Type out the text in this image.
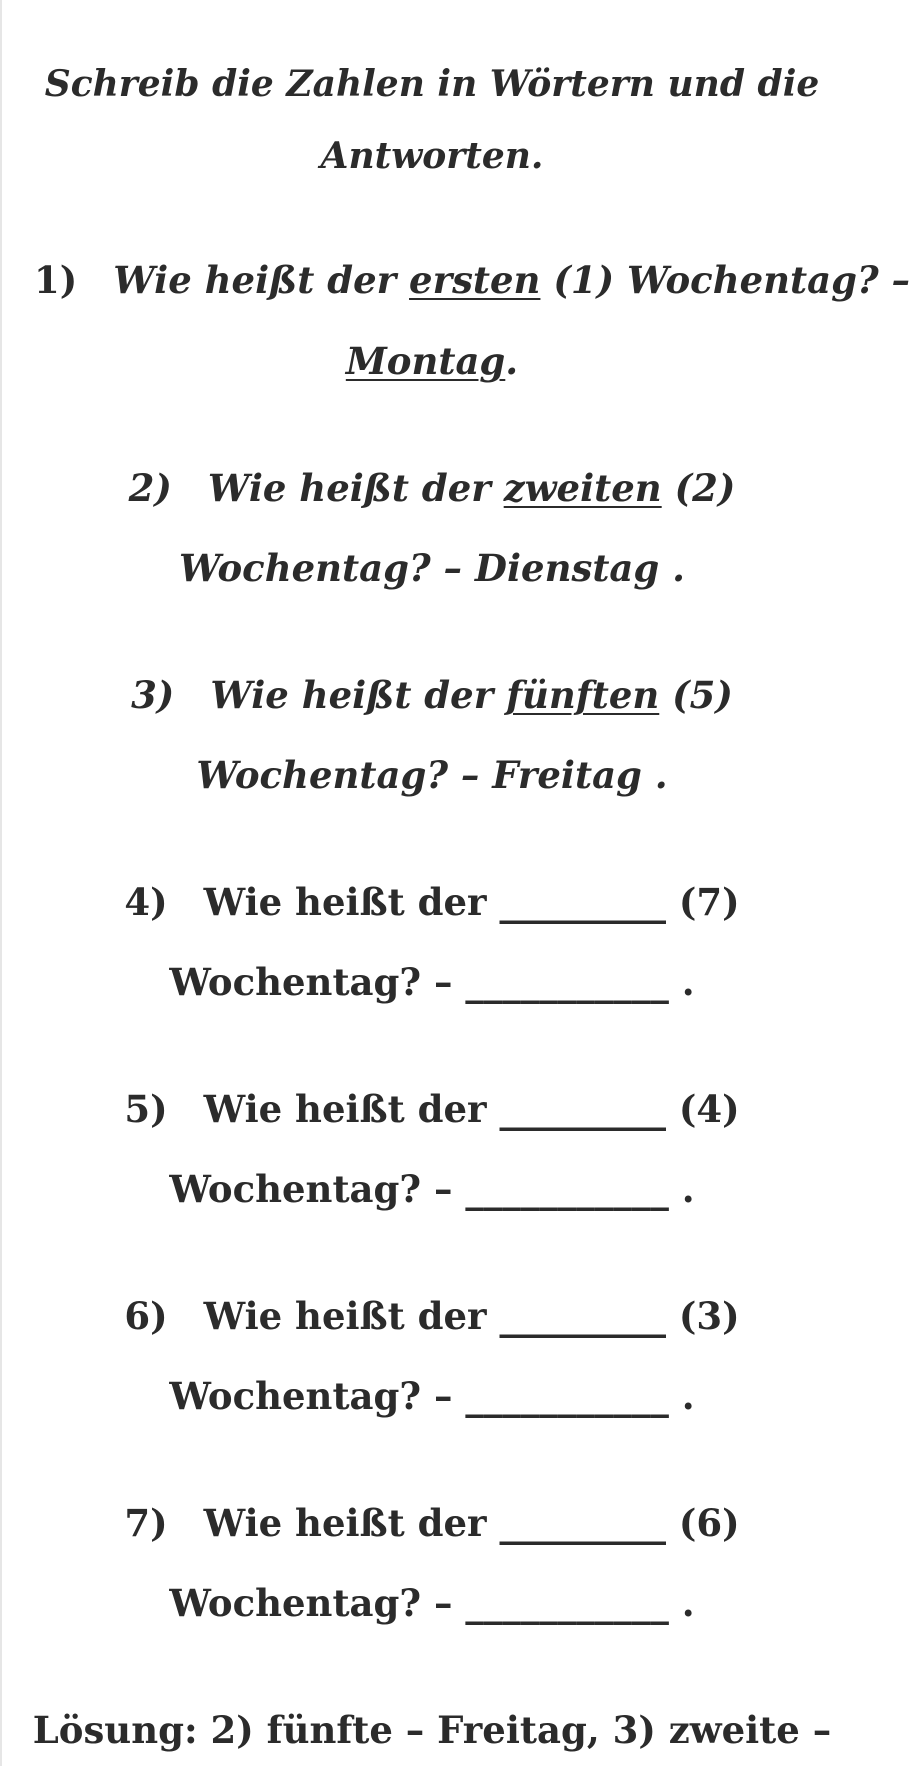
Schreib die Zahlen in Wörtern und die
Antworten.
1) Wie heißt der ersten (1) Wochentag? –
Montag.
2) Wie heißt der zweiten (2)
Wochentag? – Dienstag .
3) Wie heißt der fünften (5)
Wochentag? – Freitag .
4) Wie heißt der _________ (7)
Wochentag? – ___________ .
5) Wie heißt der _________ (4)
Wochentag? – ___________ .
6) Wie heißt der _________ (3)
Wochentag? – ___________ .
7) Wie heißt der _________ (6)
Wochentag? – ___________ .
Lösung: 2) fünfte – Freitag, 3) zweite –
